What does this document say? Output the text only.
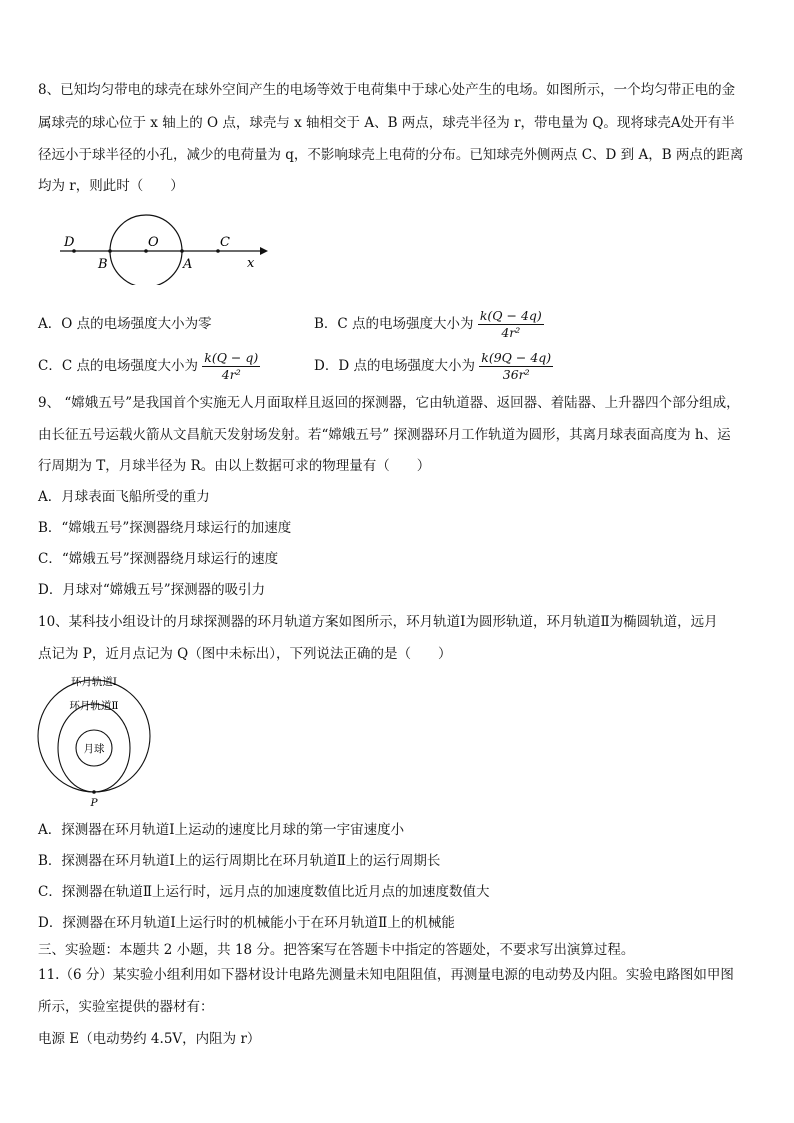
8、已知均匀带电的球壳在球外空间产生的电场等效于电荷集中于球心处产生的电场。如图所示，一个均匀带正电的金
属球壳的球心位于 x 轴上的 O 点，球壳与 x 轴相交于 A、B 两点，球壳半径为 r，带电量为 Q。现将球壳A处开有半
径远小于球半径的小孔，减少的电荷量为 q，不影响球壳上电荷的分布。已知球壳外侧两点 C、D 到 A，B 两点的距离
均为 r，则此时（　　）
D	O	C
B	A	x
A．O 点的电场强度大小为零	B．C 点的电场强度大小为 $\frac{k(Q - 4q)}{\text{4r²}}$
C．C 点的电场强度大小为 $\frac{k(Q - q)}{\text{4r²}}$	D．D 点的电场强度大小为 $\frac{k(9Q - 4q)}{\text{36r²}}$
9、 “嫦娥五号”是我国首个实施无人月面取样且返回的探测器，它由轨道器、返回器、着陆器、上升器四个部分组成，
由长征五号运载火箭从文昌航天发射场发射。若“嫦娥五号” 探测器环月工作轨道为圆形，其离月球表面高度为 h、运
行周期为 T，月球半径为 R。由以上数据可求的物理量有（　　）
A．月球表面飞船所受的重力
B．“嫦娥五号”探测器绕月球运行的加速度
C．“嫦娥五号”探测器绕月球运行的速度
D．月球对“嫦娥五号”探测器的吸引力
10、某科技小组设计的月球探测器的环月轨道方案如图所示，环月轨道Ⅰ为圆形轨道，环月轨道Ⅱ为椭圆轨道，远月
点记为 P，近月点记为 Q（图中未标出），下列说法正确的是（　　）
环月轨道Ⅰ
环月轨道Ⅱ
月球
P
A．探测器在环月轨道Ⅰ上运动的速度比月球的第一宇宙速度小
B．探测器在环月轨道Ⅰ上的运行周期比在环月轨道Ⅱ上的运行周期长
C．探测器在轨道Ⅱ上运行时，远月点的加速度数值比近月点的加速度数值大
D．探测器在环月轨道Ⅰ上运行时的机械能小于在环月轨道Ⅱ上的机械能
三、实验题：本题共 2 小题，共 18 分。把答案写在答题卡中指定的答题处，不要求写出演算过程。
11.（6 分）某实验小组利用如下器材设计电路先测量未知电阻阻值，再测量电源的电动势及内阻。实验电路图如甲图
所示，实验室提供的器材有：
电源 E（电动势约 4.5V，内阻为 r）
